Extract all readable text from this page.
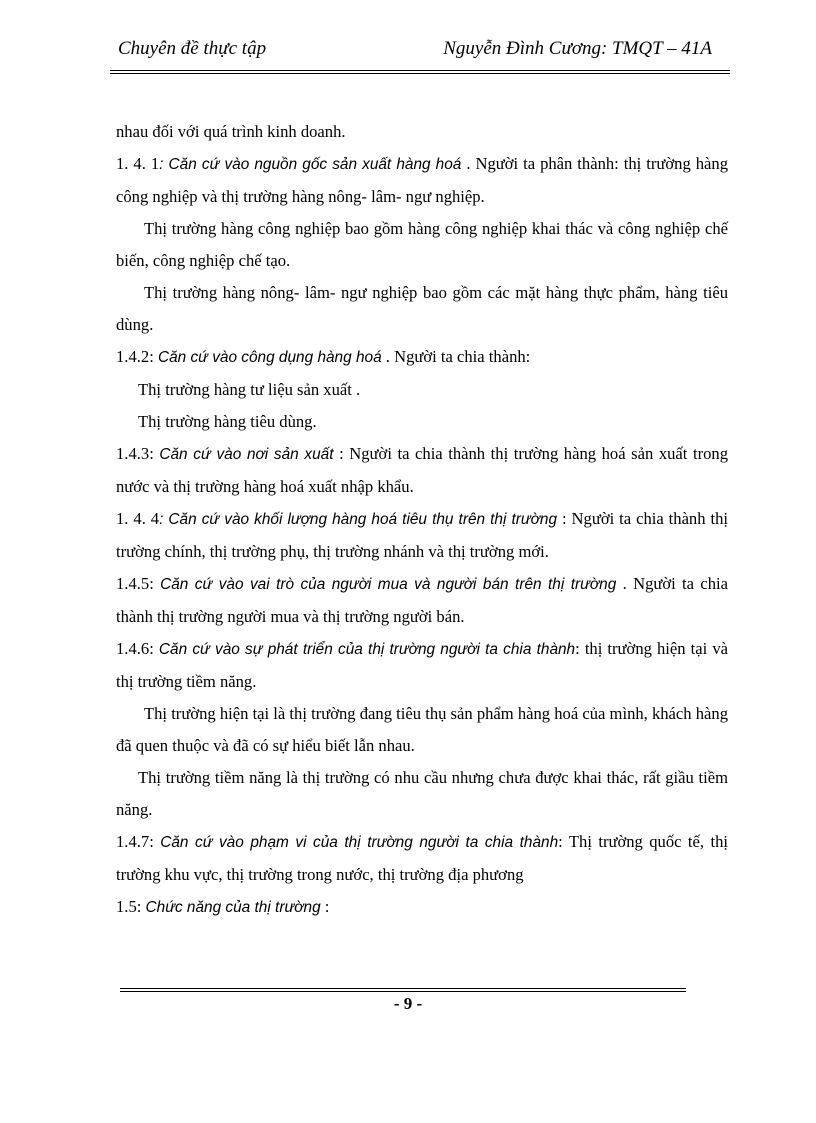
Chuyên đề thực tập	Nguyễn Đình Cương: TMQT – 41A

nhau đối với quá trình kinh doanh.

1. 4. 1: Căn cứ vào nguồn gốc sản xuất hàng hoá . Người ta phân thành: thị trường hàng công nghiệp và thị trường hàng nông- lâm- ngư nghiệp.

Thị trường hàng công nghiệp bao gồm hàng công nghiệp khai thác và công nghiệp chế biến, công nghiệp chế tạo.

Thị trường hàng nông- lâm- ngư nghiệp bao gồm các mặt hàng thực phẩm, hàng tiêu dùng.

1.4.2: Căn cứ vào công dụng hàng hoá . Người ta chia thành:

Thị trường hàng tư liệu sản xuất .

Thị trường hàng tiêu dùng.

1.4.3: Căn cứ vào nơi sản xuất : Người ta chia thành thị trường hàng hoá sản xuất trong nước và thị trường hàng hoá xuất nhập khẩu.

1. 4. 4: Căn cứ vào khối lượng hàng hoá tiêu thụ trên thị trường : Người ta chia thành thị trường chính, thị trường phụ, thị trường nhánh và thị trường mới.

1.4.5: Căn cứ vào vai trò của người mua và người bán trên thị trường . Người ta chia thành thị trường người mua và thị trường người bán.

1.4.6: Căn cứ vào sự phát triển của thị trường người ta chia thành: thị trường hiện tại và thị trường tiềm năng.

Thị trường hiện tại là thị trường đang tiêu thụ sản phẩm hàng hoá của mình, khách hàng đã quen thuộc và đã có sự hiểu biết lẫn nhau.

Thị trường tiềm năng là thị trường có nhu cầu nhưng chưa được khai thác, rất giầu tiềm năng.

1.4.7: Căn cứ vào phạm vi của thị trường người ta chia thành: Thị trường quốc tế, thị trường khu vực, thị trường trong nước, thị trường địa phương

1.5: Chức năng của thị trường :

- 9 -
